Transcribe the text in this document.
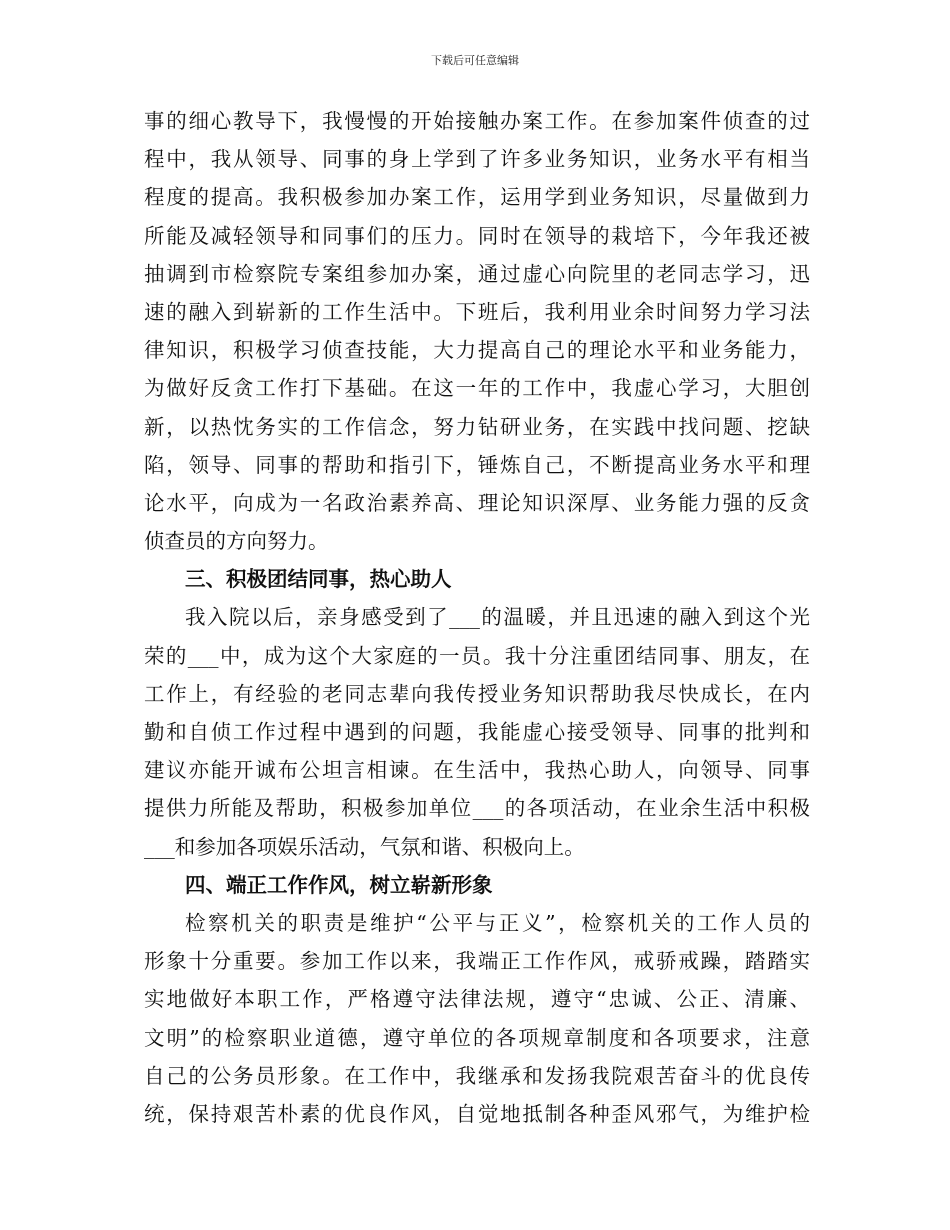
下载后可任意编辑
事的细心教导下，我慢慢的开始接触办案工作。在参加案件侦查的过
程中，我从领导、同事的身上学到了许多业务知识，业务水平有相当
程度的提高。我积极参加办案工作，运用学到业务知识，尽量做到力
所能及减轻领导和同事们的压力。同时在领导的栽培下，今年我还被
抽调到市检察院专案组参加办案，通过虚心向院里的老同志学习，迅
速的融入到崭新的工作生活中。下班后，我利用业余时间努力学习法
律知识，积极学习侦查技能，大力提高自己的理论水平和业务能力，
为做好反贪工作打下基础。在这一年的工作中，我虚心学习，大胆创
新，以热忱务实的工作信念，努力钻研业务，在实践中找问题、挖缺
陷，领导、同事的帮助和指引下，锤炼自己，不断提高业务水平和理
论水平，向成为一名政治素养高、理论知识深厚、业务能力强的反贪
侦查员的方向努力。
三、积极团结同事，热心助人
我入院以后，亲身感受到了___的温暖，并且迅速的融入到这个光
荣的___中，成为这个大家庭的一员。我十分注重团结同事、朋友，在
工作上，有经验的老同志辈向我传授业务知识帮助我尽快成长，在内
勤和自侦工作过程中遇到的问题，我能虚心接受领导、同事的批判和
建议亦能开诚布公坦言相谏。在生活中，我热心助人，向领导、同事
提供力所能及帮助，积极参加单位___的各项活动，在业余生活中积极
___和参加各项娱乐活动，气氛和谐、积极向上。
四、端正工作作风，树立崭新形象
检察机关的职责是维护“公平与正义”，检察机关的工作人员的
形象十分重要。参加工作以来，我端正工作作风，戒骄戒躁，踏踏实
实地做好本职工作，严格遵守法律法规，遵守“忠诚、公正、清廉、
文明”的检察职业道德，遵守单位的各项规章制度和各项要求，注意
自己的公务员形象。在工作中，我继承和发扬我院艰苦奋斗的优良传
统，保持艰苦朴素的优良作风，自觉地抵制各种歪风邪气，为维护检
